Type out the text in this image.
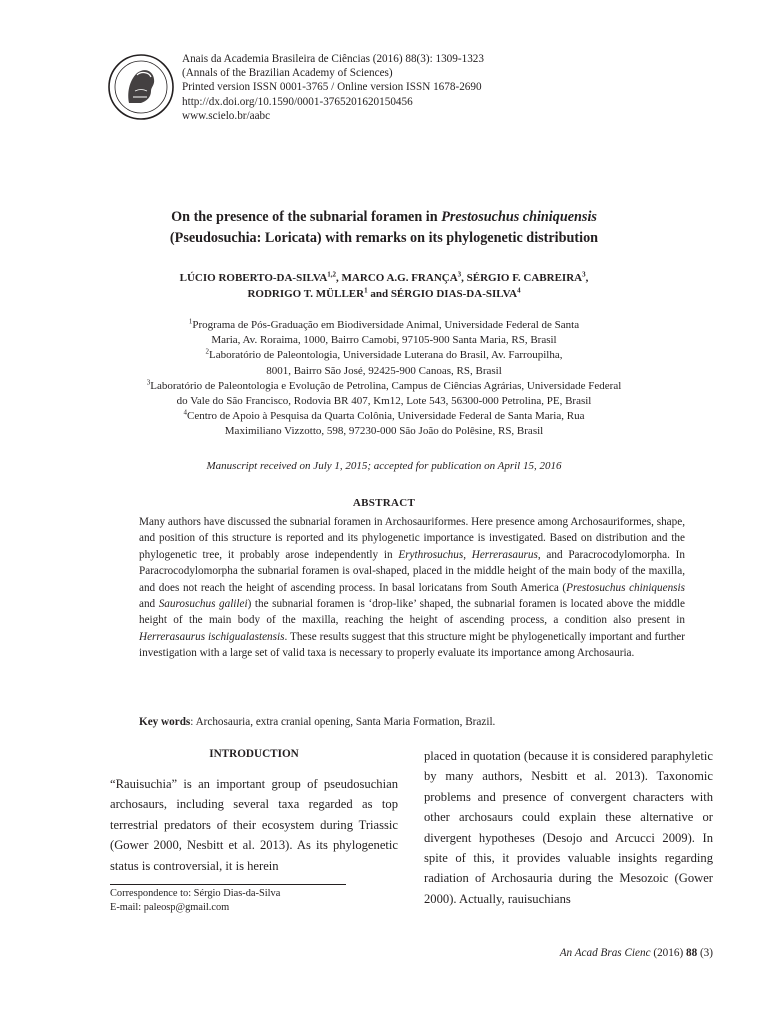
Anais da Academia Brasileira de Ciências (2016) 88(3): 1309-1323
(Annals of the Brazilian Academy of Sciences)
Printed version ISSN 0001-3765 / Online version ISSN 1678-2690
http://dx.doi.org/10.1590/0001-3765201620150456
www.scielo.br/aabc
On the presence of the subnarial foramen in Prestosuchus chiniquensis
(Pseudosuchia: Loricata) with remarks on its phylogenetic distribution
LÚCIO ROBERTO-DA-SILVA$^{1,2}$, MARCO A.G. FRANÇA$^3$, SÉRGIO F. CABREIRA$^3$,
RODRIGO T. MÜLLER$^1$ and SÉRGIO DIAS-DA-SILVA$^4$
$^1$Programa de Pós-Graduação em Biodiversidade Animal, Universidade Federal de Santa
Maria, Av. Roraima, 1000, Bairro Camobi, 97105-900 Santa Maria, RS, Brasil
$^2$Laboratório de Paleontologia, Universidade Luterana do Brasil, Av. Farroupilha,
8001, Bairro São José, 92425-900 Canoas, RS, Brasil
$^3$Laboratório de Paleontologia e Evolução de Petrolina, Campus de Ciências Agrárias, Universidade Federal
do Vale do São Francisco, Rodovia BR 407, Km12, Lote 543, 56300-000 Petrolina, PE, Brasil
$^4$Centro de Apoio à Pesquisa da Quarta Colônia, Universidade Federal de Santa Maria, Rua
Maximiliano Vizzotto, 598, 97230-000 São João do Polêsine, RS, Brasil
Manuscript received on July 1, 2015; accepted for publication on April 15, 2016
ABSTRACT
Many authors have discussed the subnarial foramen in Archosauriformes. Here presence among Archosauriformes, shape, and position of this structure is reported and its phylogenetic importance is investigated. Based on distribution and the phylogenetic tree, it probably arose independently in Erythrosuchus, Herrerasaurus, and Paracrocodylomorpha. In Paracrocodylomorpha the subnarial foramen is oval-shaped, placed in the middle height of the main body of the maxilla, and does not reach the height of ascending process. In basal loricatans from South America (Prestosuchus chiniquensis and Saurosuchus galilei) the subnarial foramen is ‘drop-like’ shaped, the subnarial foramen is located above the middle height of the main body of the maxilla, reaching the height of ascending process, a condition also present in Herrerasaurus ischigualastensis. These results suggest that this structure might be phylogenetically important and further investigation with a large set of valid taxa is necessary to properly evaluate its importance among Archosauria.
Key words: Archosauria, extra cranial opening, Santa Maria Formation, Brazil.
INTRODUCTION
“Rauisuchia” is an important group of pseudosuchian archosaurs, including several taxa regarded as top terrestrial predators of their ecosystem during Triassic (Gower 2000, Nesbitt et al. 2013). As its phylogenetic status is controversial, it is herein
placed in quotation (because it is considered paraphyletic by many authors, Nesbitt et al. 2013). Taxonomic problems and presence of convergent characters with other archosaurs could explain these alternative or divergent hypotheses (Desojo and Arcucci 2009). In spite of this, it provides valuable insights regarding radiation of Archosauria during the Mesozoic (Gower 2000). Actually, rauisuchians
Correspondence to: Sérgio Dias-da-Silva
E-mail: paleosp@gmail.com
An Acad Bras Cienc (2016) 88 (3)
